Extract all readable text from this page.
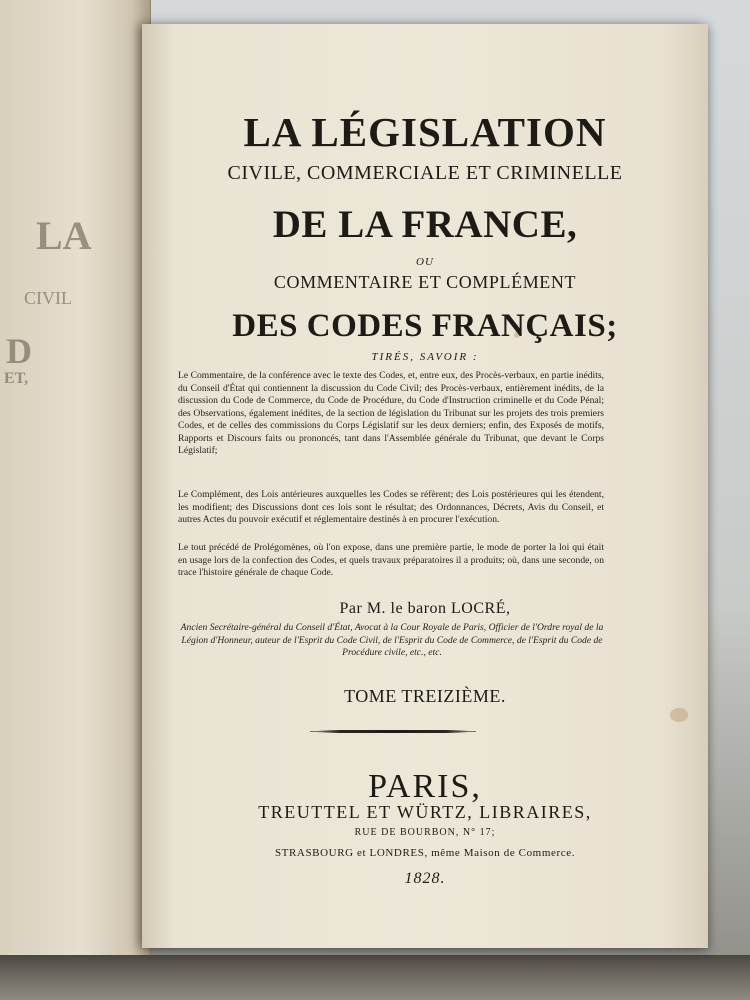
LA
CIVIL
D
ET,
LA LÉGISLATION
CIVILE, COMMERCIALE ET CRIMINELLE
DE LA FRANCE,
OU
COMMENTAIRE ET COMPLÉMENT
DES CODES FRANÇAIS;
TIRÉS, SAVOIR :

Le Commentaire, de la conférence avec le texte des Codes, et, entre eux, des Procès-verbaux, en partie inédits, du Conseil d'État qui contiennent la discussion du Code Civil; des Procès-verbaux, entièrement inédits, de la discussion du Code de Commerce, du Code de Procédure, du Code d'Instruction criminelle et du Code Pénal; des Observations, également inédites, de la section de législation du Tribunat sur les projets des trois premiers Codes, et de celles des commissions du Corps Législatif sur les deux derniers; enfin, des Exposés de motifs, Rapports et Discours faits ou prononcés, tant dans l'Assemblée générale du Tribunat, que devant le Corps Législatif;

Le Complément, des Lois antérieures auxquelles les Codes se réfèrent; des Lois postérieures qui les étendent, les modifient; des Discussions dont ces lois sont le résultat; des Ordonnances, Décrets, Avis du Conseil, et autres Actes du pouvoir exécutif et réglementaire destinés à en procurer l'exécution.

Le tout précédé de Prolégomènes, où l'on expose, dans une première partie, le mode de porter la loi qui était en usage lors de la confection des Codes, et quels travaux préparatoires il a produits; où, dans une seconde, on trace l'histoire générale de chaque Code.

Par M. le baron LOCRÉ,
Ancien Secrétaire-général du Conseil d'État, Avocat à la Cour Royale de Paris, Officier de l'Ordre royal de la Légion d'Honneur, auteur de l'Esprit du Code Civil, de l'Esprit du Code de Commerce, de l'Esprit du Code de Procédure civile, etc., etc.
TOME TREIZIÈME.
PARIS,
TREUTTEL ET WÜRTZ, LIBRAIRES,
RUE DE BOURBON, N° 17;
STRASBOURG et LONDRES, même Maison de Commerce.
1828.
